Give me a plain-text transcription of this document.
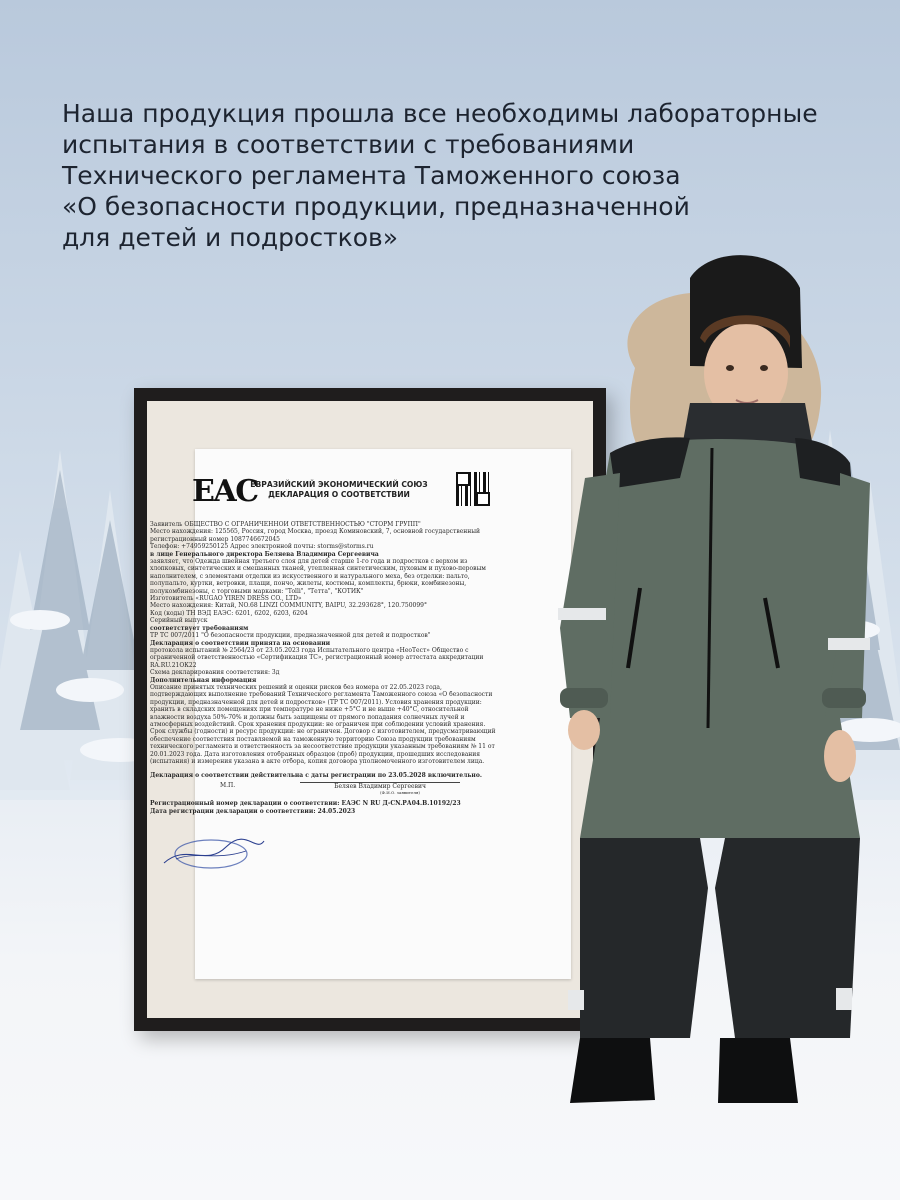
Наша продукция прошла все необходимы лабораторные
испытания в соответствии с требованиями
Технического регламента Таможенного союза
«О безопасности продукции, предназначенной
для детей и подростков»
ЕАС
ЕВРАЗИЙСКИЙ ЭКОНОМИЧЕСКИЙ СОЮЗ
ДЕКЛАРАЦИЯ О СООТВЕТСТВИИ
Заявитель ОБЩЕСТВО С ОГРАНИЧЕННОЙ ОТВЕТСТВЕННОСТЬЮ "СТОРМ ГРУПП"
Место нахождения: 125565, Россия, город Москва, проезд Коминовский, 7, основной государственный
регистрационный номер 1087746672045
Телефон: +74959250125 Адрес электронной почты: storms@storms.ru
в лице Генерального директора Беляева Владимира Сергеевича
заявляет, что Одежда швейная третьего слоя для детей старше 1-го года и подростков с верхом из
хлопковых, синтетических и смешанных тканей, утепленная синтетическим, пуховым и пухово-перовым
наполнителем, с элементами отделки из искусственного и натурального меха, без отделки: пальто,
полупальто, куртки, ветровки, плащи, пончо, жилеты, костюмы, комплекты, брюки, комбинезоны,
полукомбинезоны, с торговыми марками: "Tolli", "Тетта", "КОТИК"
Изготовитель «RUGAO YIREN DRESS CO., LTD»
Место нахождения: Китай, NO.68 LINZI COMMUNITY, BAIPU, 32.293628°, 120.750099°
Код (коды) ТН ВЭД ЕАЭС: 6201, 6202, 6203, 6204
Серийный выпуск
соответствует требованиям
ТР ТС 007/2011 "О безопасности продукции, предназначенной для детей и подростков"
Декларация о соответствии принята на основании
протокола испытаний № 2564/23 от 23.05.2023 года Испытательного центра «НеоТест» Общество с
ограниченной ответственностью «Сертификация ТС», регистрационный номер аттестата аккредитации
RA.RU.21ОК22
Схема декларирования соответствия: 3д
Дополнительная информация
Описание принятых технических решений и оценки рисков без номера от 22.05.2023 года,
подтверждающих выполнение требований Технического регламента Таможенного союза «О безопасности
продукции, предназначенной для детей и подростков» (ТР ТС 007/2011). Условия хранения продукции:
хранить в складских помещениях при температуре не ниже +5°С и не выше +40°С, относительной
влажности воздуха 50%-70% и должны быть защищены от прямого попадания солнечных лучей и
атмосферных воздействий. Срок хранения продукции: не ограничен при соблюдении условий хранения.
Срок службы (годности) и ресурс продукции: не ограничен. Договор с изготовителем, предусматривающий
обеспечение соответствия поставляемой на таможенную территорию Союза продукции требованиям
технического регламента и ответственность за несоответствие продукции указанным требованиям № 11 от
20.01.2023 года. Дата изготовления отобранных образцов (проб) продукции, прошедших исследования
(испытания) и измерения указана в акте отбора, копия договора уполномоченного изготовителем лица.
Декларация о соответствии действительна с даты регистрации по 23.05.2028 включительно.
М.П.	Беляев Владимир Сергеевич
(Ф.И.О. заявителя)
Регистрационный номер декларации о соответствии: ЕАЭС N RU Д-CN.РА04.В.10192/23
Дата регистрации декларации о соответствии: 24.05.2023
